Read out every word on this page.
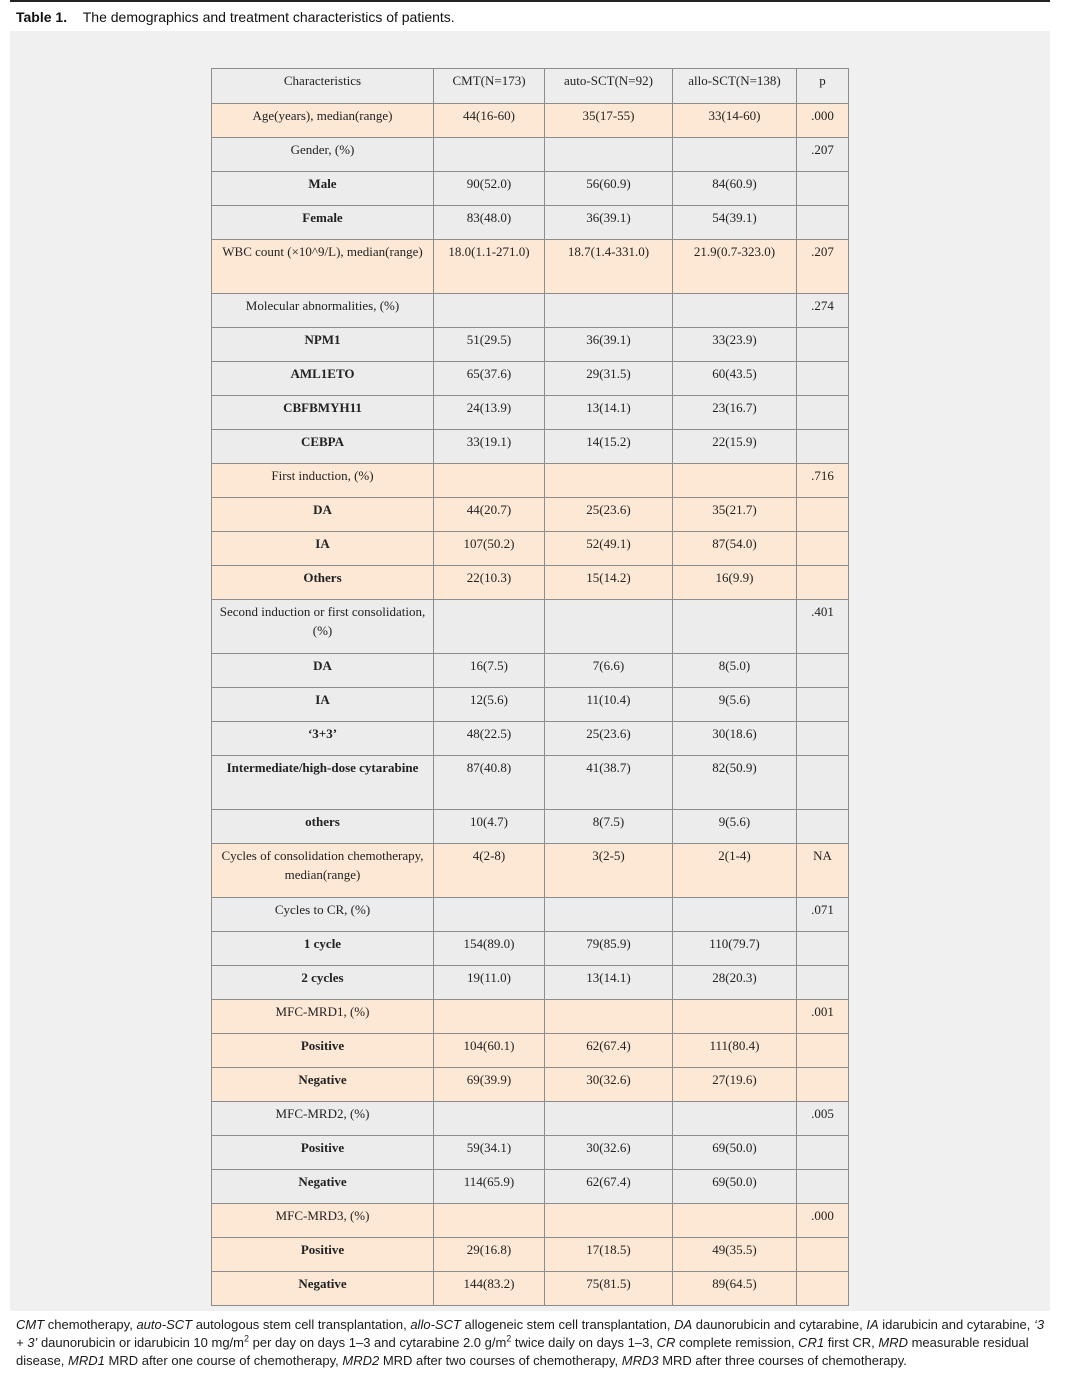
Table 1. The demographics and treatment characteristics of patients.
Characteristics	CMT(N=173)	auto-SCT(N=92)	allo-SCT(N=138)	p
Age(years), median(range)	44(16-60)	35(17-55)	33(14-60)	.000
Gender, (%)				.207
Male	90(52.0)	56(60.9)	84(60.9)	
Female	83(48.0)	36(39.1)	54(39.1)	
WBC count (×10^9/L), median(range)	18.0(1.1-271.0)	18.7(1.4-331.0)	21.9(0.7-323.0)	.207
Molecular abnormalities, (%)				.274
NPM1	51(29.5)	36(39.1)	33(23.9)	
AML1ETO	65(37.6)	29(31.5)	60(43.5)	
CBFBMYH11	24(13.9)	13(14.1)	23(16.7)	
CEBPA	33(19.1)	14(15.2)	22(15.9)	
First induction, (%)				.716
DA	44(20.7)	25(23.6)	35(21.7)	
IA	107(50.2)	52(49.1)	87(54.0)	
Others	22(10.3)	15(14.2)	16(9.9)	
Second induction or first consolidation, (%)				.401
DA	16(7.5)	7(6.6)	8(5.0)	
IA	12(5.6)	11(10.4)	9(5.6)	
‘3+3’	48(22.5)	25(23.6)	30(18.6)	
Intermediate/high-dose cytarabine	87(40.8)	41(38.7)	82(50.9)	
others	10(4.7)	8(7.5)	9(5.6)	
Cycles of consolidation chemotherapy, median(range)	4(2-8)	3(2-5)	2(1-4)	NA
Cycles to CR, (%)				.071
1 cycle	154(89.0)	79(85.9)	110(79.7)	
2 cycles	19(11.0)	13(14.1)	28(20.3)	
MFC-MRD1, (%)				.001
Positive	104(60.1)	62(67.4)	111(80.4)	
Negative	69(39.9)	30(32.6)	27(19.6)	
MFC-MRD2, (%)				.005
Positive	59(34.1)	30(32.6)	69(50.0)	
Negative	114(65.9)	62(67.4)	69(50.0)	
MFC-MRD3, (%)				.000
Positive	29(16.8)	17(18.5)	49(35.5)	
Negative	144(83.2)	75(81.5)	89(64.5)	
CMT chemotherapy, auto-SCT autologous stem cell transplantation, allo-SCT allogeneic stem cell transplantation, DA daunorubicin and cytarabine, IA idarubicin and cytarabine, ‘3 + 3’ daunorubicin or idarubicin 10 $mg/m^2$ per day on days 1–3 and cytarabine 2.0 $g/m^2$ twice daily on days 1–3, CR complete remission, CR1 first CR, MRD measurable residual disease, MRD1 MRD after one course of chemotherapy, MRD2 MRD after two courses of chemotherapy, MRD3 MRD after three courses of chemotherapy.
